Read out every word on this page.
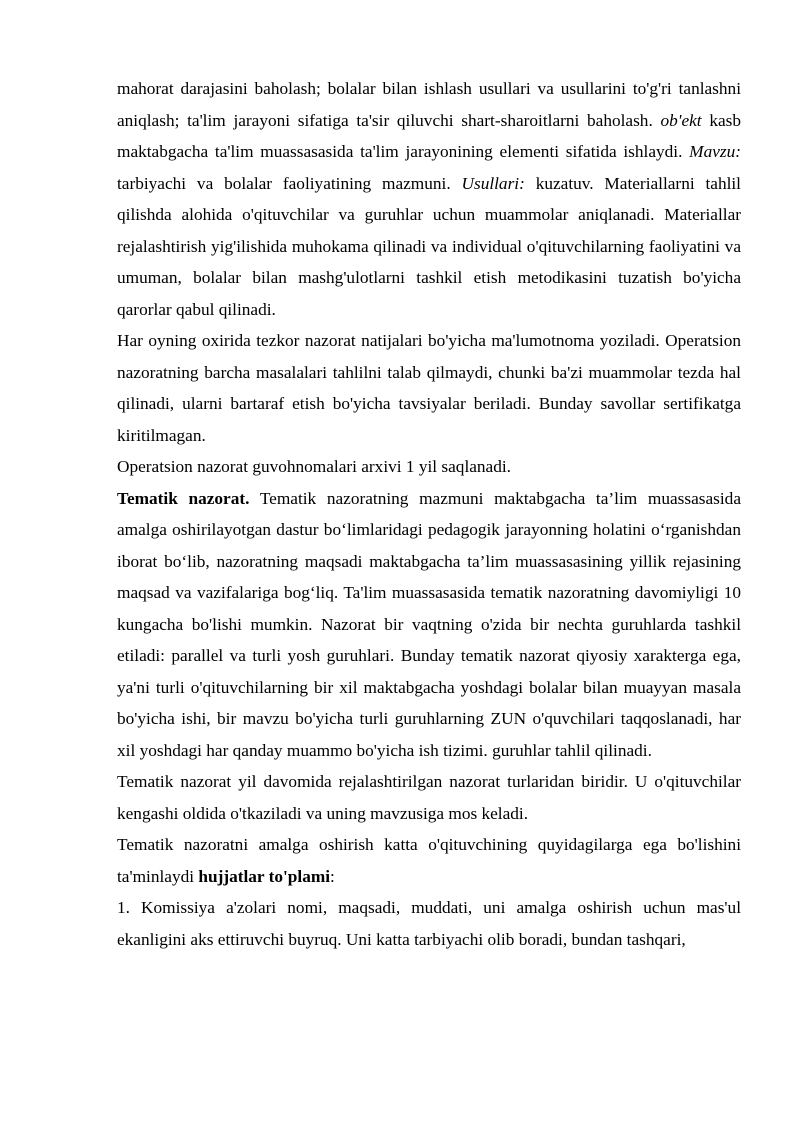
mahorat darajasini baholash; bolalar bilan ishlash usullari va usullarini to'g'ri tanlashni aniqlash; ta'lim jarayoni sifatiga ta'sir qiluvchi shart-sharoitlarni baholash. ob'ekt kasb maktabgacha ta'lim muassasasida ta'lim jarayonining elementi sifatida ishlaydi. Mavzu: tarbiyachi va bolalar faoliyatining mazmuni. Usullari: kuzatuv. Materiallarni tahlil qilishda alohida o'qituvchilar va guruhlar uchun muammolar aniqlanadi. Materiallar rejalashtirish yig'ilishida muhokama qilinadi va individual o'qituvchilarning faoliyatini va umuman, bolalar bilan mashg'ulotlarni tashkil etish metodikasini tuzatish bo'yicha qarorlar qabul qilinadi.

Har oyning oxirida tezkor nazorat natijalari bo'yicha ma'lumotnoma yoziladi. Operatsion nazoratning barcha masalalari tahlilni talab qilmaydi, chunki ba'zi muammolar tezda hal qilinadi, ularni bartaraf etish bo'yicha tavsiyalar beriladi. Bunday savollar sertifikatga kiritilmagan.

Operatsion nazorat guvohnomalari arxivi 1 yil saqlanadi.

Tematik nazorat. Tematik nazoratning mazmuni maktabgacha ta’lim muassasasida amalga oshirilayotgan dastur bo‘limlaridagi pedagogik jarayonning holatini o‘rganishdan iborat bo‘lib, nazoratning maqsadi maktabgacha ta’lim muassasasining yillik rejasining maqsad va vazifalariga bog‘liq. Ta'lim muassasasida tematik nazoratning davomiyligi 10 kungacha bo'lishi mumkin. Nazorat bir vaqtning o'zida bir nechta guruhlarda tashkil etiladi: parallel va turli yosh guruhlari. Bunday tematik nazorat qiyosiy xarakterga ega, ya'ni turli o'qituvchilarning bir xil maktabgacha yoshdagi bolalar bilan muayyan masala bo'yicha ishi, bir mavzu bo'yicha turli guruhlarning ZUN o'quvchilari taqqoslanadi, har xil yoshdagi har qanday muammo bo'yicha ish tizimi. guruhlar tahlil qilinadi.

Tematik nazorat yil davomida rejalashtirilgan nazorat turlaridan biridir. U o'qituvchilar kengashi oldida o'tkaziladi va uning mavzusiga mos keladi.

Tematik nazoratni amalga oshirish katta o'qituvchining quyidagilarga ega bo'lishini ta'minlaydi hujjatlar to'plami:

1. Komissiya a'zolari nomi, maqsadi, muddati, uni amalga oshirish uchun mas'ul ekanligini aks ettiruvchi buyruq. Uni katta tarbiyachi olib boradi, bundan tashqari,
